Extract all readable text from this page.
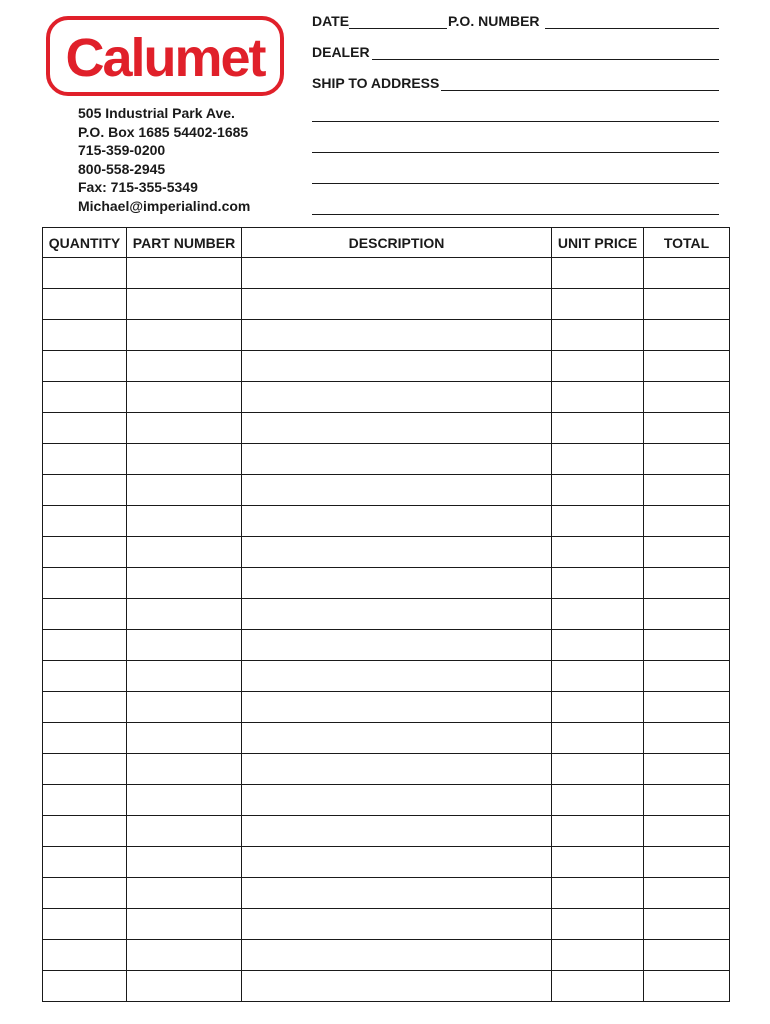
Calumet
505 Industrial Park Ave.
P.O. Box 1685 54402-1685
715-359-0200
800-558-2945
Fax: 715-355-5349
Michael@imperialind.com
DATE	P.O. NUMBER
DEALER
SHIP TO ADDRESS
QUANTITY	PART NUMBER	DESCRIPTION	UNIT PRICE	TOTAL
